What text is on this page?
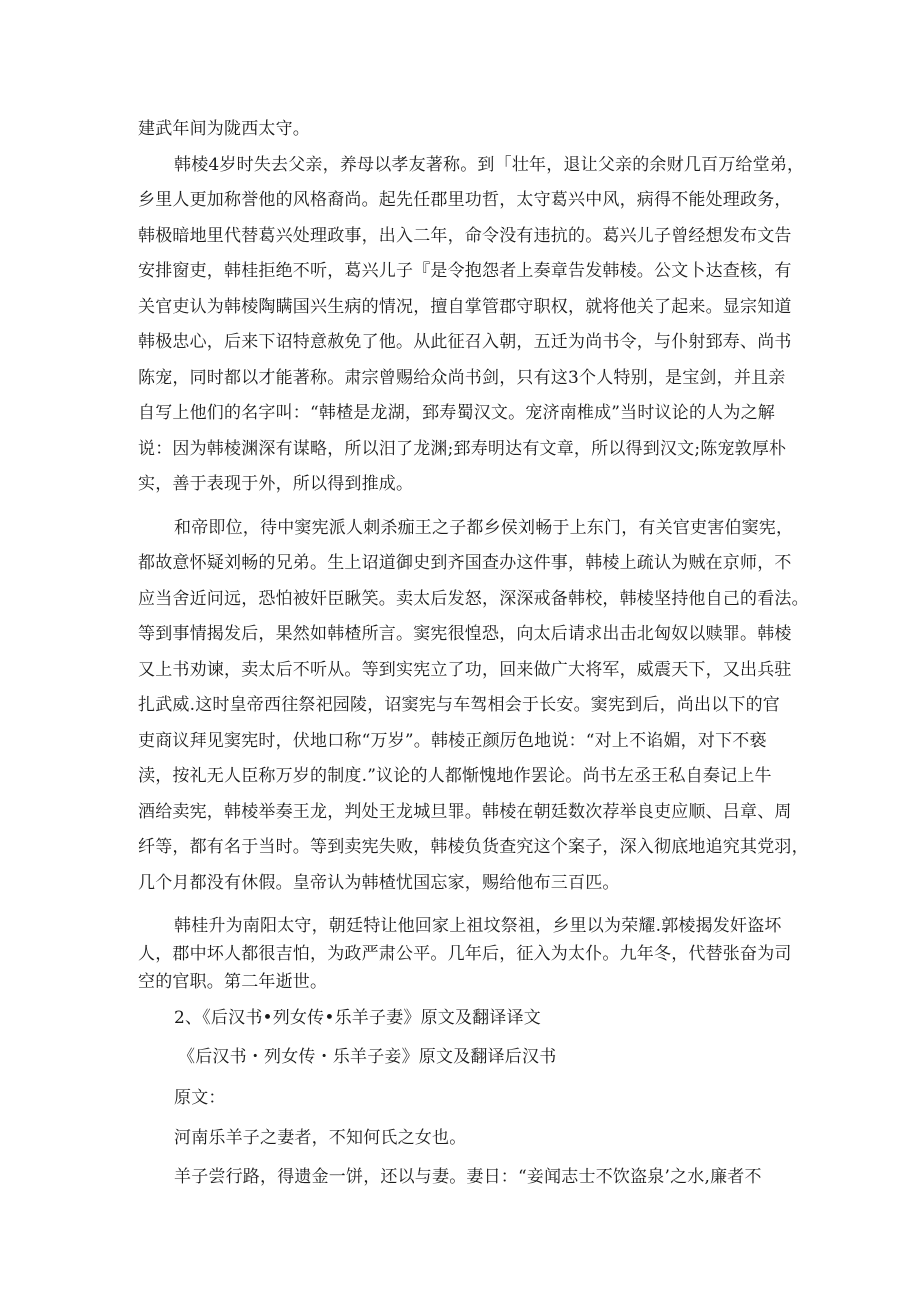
建武年间为陇西太守。

韩棱4岁时失去父亲，养母以孝友著称。到「壮年，退让父亲的余财几百万给堂弟，

乡里人更加称誉他的风格裔尚。起先任郡里功哲，太守葛兴中风，病得不能处理政务，

韩极暗地里代替葛兴处理政事，出入二年，命令没有违抗的。葛兴儿子曾经想发布文告

安排窗吏，韩桂拒绝不听，葛兴儿子『是令抱怨者上奏章告发韩棱。公文卜达查核，有

关官吏认为韩棱陶瞒国兴生病的情况，擅自掌管郡守职权，就将他关了起来。显宗知道

韩极忠心，后来下诏特意赦免了他。从此征召入朝，五迁为尚书令，与仆射郅寿、尚书

陈宠，同时都以才能著称。肃宗曾赐给众尚书剑，只有这3个人特别，是宝剑，并且亲

自写上他们的名字叫：“韩楂是龙湖，郅寿蜀汉文。宠济南椎成”当时议论的人为之解

说：因为韩棱渊深有谋略，所以汨了龙渊;郅寿明达有文章，所以得到汉文;陈宠敦厚朴

实，善于表现于外，所以得到推成。

和帝即位，待中窦宪派人刺杀痂王之子都乡侯刘畅于上东门，有关官吏害伯窦宪，

都故意怀疑刘畅的兄弟。生上诏道御史到齐国查办这件事，韩棱上疏认为贼在京师，不

应当舍近问远，恐怕被奸臣瞅笑。卖太后发怒，深深戒备韩校，韩棱坚持他自己的看法。

等到事情揭发后，果然如韩楂所言。窦宪很惶恐，向太后请求出击北匈奴以赎罪。韩棱

又上书劝谏，卖太后不听从。等到实宪立了功，回来做广大将军，威震天下，又出兵驻

扎武威.这时皇帝西往祭祀园陵，诏窦宪与车驾相会于长安。窦宪到后，尚出以下的官

吏商议拜见窦宪时，伏地口称“万岁”。韩棱正颜厉色地说：“对上不谄媚，对下不亵

渎，按礼无人臣称万岁的制度.”议论的人都惭愧地作罢论。尚书左丞王私自奏记上牛

酒给卖宪，韩棱举奏王龙，判处王龙城旦罪。韩棱在朝廷数次荐举良吏应顺、吕章、周

纤等，都有名于当时。等到卖宪失败，韩棱负货查究这个案子，深入彻底地追究其党羽，

几个月都没有休假。皇帝认为韩楂忧国忘家，赐给他布三百匹。

韩桂升为南阳太守，朝廷特让他回家上祖坟祭祖，乡里以为荣耀.郭棱揭发奸盗坏

人，郡中坏人都很吉怕，为政严肃公平。几年后，征入为太仆。九年冬，代替张奋为司

空的官职。第二年逝世。

2、《后汉书•列女传•乐羊子妻》原文及翻译译文

《后汉书・列女传・乐羊子妾》原文及翻译后汉书

原文：

河南乐羊子之妻者，不知何氏之女也。

羊子尝行路，得遗金一饼，还以与妻。妻日：“妾闻志士不饮盗泉’之水,廉者不
